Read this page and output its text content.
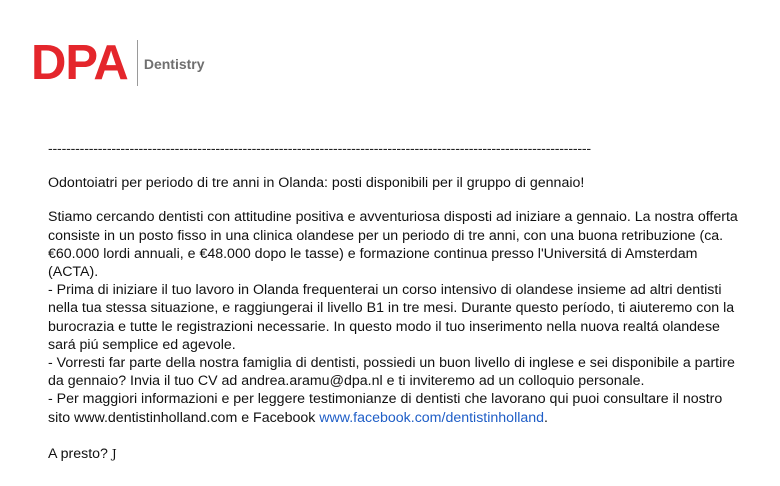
DPA Dentistry
------------------------------------------------------------------------------------------------------------------------
Odontoiatri per periodo di tre anni in Olanda: posti disponibili per il gruppo di gennaio!

Stiamo cercando dentisti con attitudine positiva e avventuriosa disposti ad iniziare a gennaio. La nostra offerta consiste in un posto fisso in una clinica olandese per un periodo di tre anni, con una buona retribuzione (ca. €60.000 lordi annuali, e €48.000 dopo le tasse) e formazione continua presso l'Universitá di Amsterdam (ACTA).

- Prima di iniziare il tuo lavoro in Olanda frequenterai un corso intensivo di olandese insieme ad altri dentisti nella tua stessa situazione, e raggiungerai il livello B1 in tre mesi. Durante questo período, ti aiuteremo con la burocrazia e tutte le registrazioni necessarie. In questo modo il tuo inserimento nella nuova realtá olandese sará piú semplice ed agevole.

- Vorresti far parte della nostra famiglia di dentisti, possiedi un buon livello di inglese e sei disponibile a partire da gennaio? Invia il tuo CV ad andrea.aramu@dpa.nl e ti inviteremo ad un colloquio personale.

- Per maggiori informazioni e per leggere testimonianze di dentisti che lavorano qui puoi consultare il nostro sito www.dentistinholland.com e Facebook www.facebook.com/dentistinholland.

A presto? J
